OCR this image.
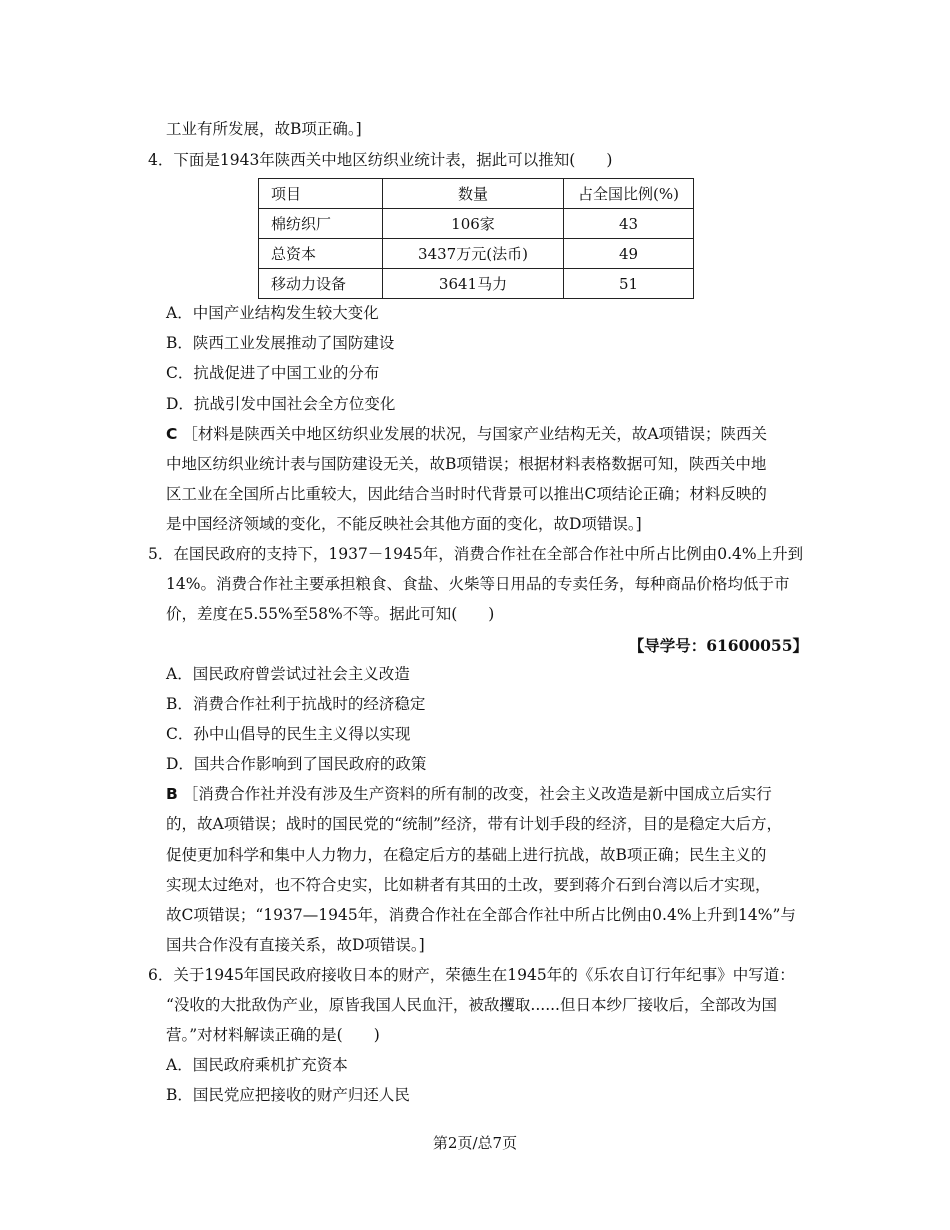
工业有所发展，故B项正确。]
4．下面是1943年陕西关中地区纺织业统计表，据此可以推知(　　)
项目	数量	占全国比例(%)
棉纺织厂	106家	43
总资本	3437万元(法币)	49
移动力设备	3641马力	51
A．中国产业结构发生较大变化
B．陕西工业发展推动了国防建设
C．抗战促进了中国工业的分布
D．抗战引发中国社会全方位变化
C ［材料是陕西关中地区纺织业发展的状况，与国家产业结构无关，故A项错误；陕西关
中地区纺织业统计表与国防建设无关，故B项错误；根据材料表格数据可知，陕西关中地
区工业在全国所占比重较大，因此结合当时时代背景可以推出C项结论正确；材料反映的
是中国经济领域的变化，不能反映社会其他方面的变化，故D项错误。]
5．在国民政府的支持下，1937－1945年，消费合作社在全部合作社中所占比例由0.4%上升到
14%。消费合作社主要承担粮食、食盐、火柴等日用品的专卖任务，每种商品价格均低于市
价，差度在5.55%至58%不等。据此可知(　　)
【导学号：61600055】
A．国民政府曾尝试过社会主义改造
B．消费合作社利于抗战时的经济稳定
C．孙中山倡导的民生主义得以实现
D．国共合作影响到了国民政府的政策
B ［消费合作社并没有涉及生产资料的所有制的改变，社会主义改造是新中国成立后实行
的，故A项错误；战时的国民党的“统制”经济，带有计划手段的经济，目的是稳定大后方，
促使更加科学和集中人力物力，在稳定后方的基础上进行抗战，故B项正确；民生主义的
实现太过绝对，也不符合史实，比如耕者有其田的土改，要到蒋介石到台湾以后才实现，
故C项错误；“1937—1945年，消费合作社在全部合作社中所占比例由0.4%上升到14%”与
国共合作没有直接关系，故D项错误。]
6．关于1945年国民政府接收日本的财产，荣德生在1945年的《乐农自订行年纪事》中写道：
“没收的大批敌伪产业，原皆我国人民血汗，被敌攫取......但日本纱厂接收后，全部改为国
营。”对材料解读正确的是(　　)
A．国民政府乘机扩充资本
B．国民党应把接收的财产归还人民
第2页/总7页
